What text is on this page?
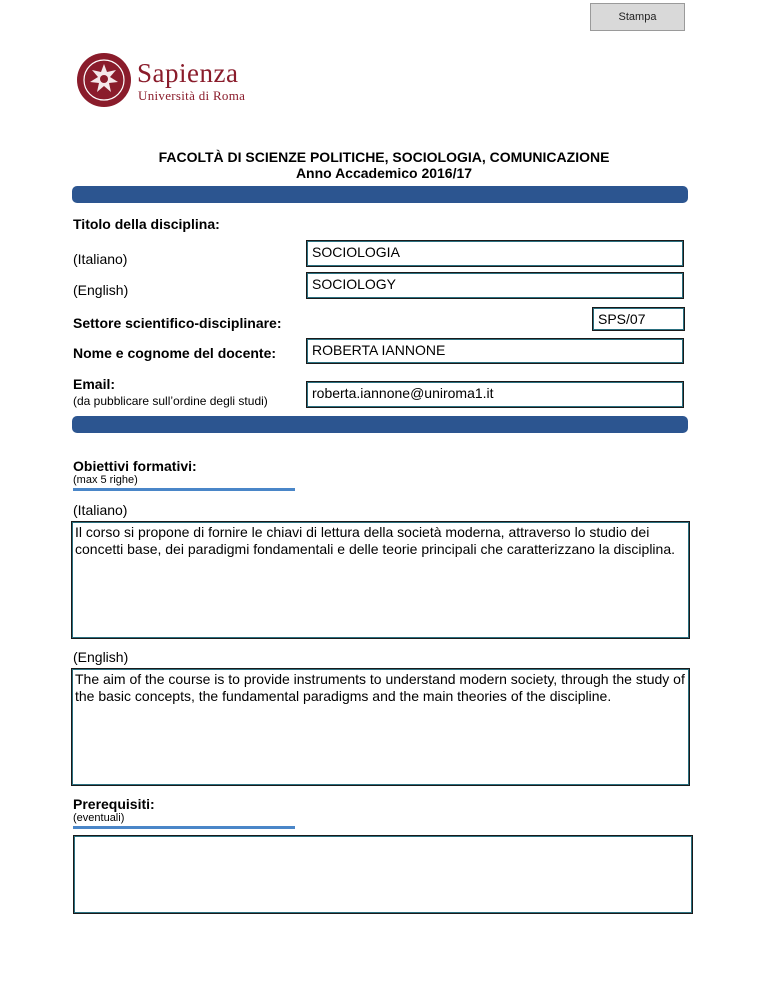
Stampa
Sapienza
Università di Roma
FACOLTÀ DI SCIENZE POLITICHE, SOCIOLOGIA, COMUNICAZIONE
Anno Accademico 2016/17
Titolo della disciplina:
(Italiano)	SOCIOLOGIA
(English)	SOCIOLOGY
Settore scientifico-disciplinare:	SPS/07
Nome e cognome del docente:	ROBERTA IANNONE
Email:
(da pubblicare sull’ordine degli studi)	roberta.iannone@uniroma1.it
Obiettivi formativi:
(max 5 righe)
(Italiano)
Il corso si propone di fornire le chiavi di lettura della società moderna, attraverso lo studio dei concetti base, dei paradigmi fondamentali e delle teorie principali che caratterizzano la disciplina.
(English)
The aim of the course is to provide instruments to understand modern society, through the study of the basic concepts, the fundamental paradigms and the main theories of the discipline.
Prerequisiti:
(eventuali)
